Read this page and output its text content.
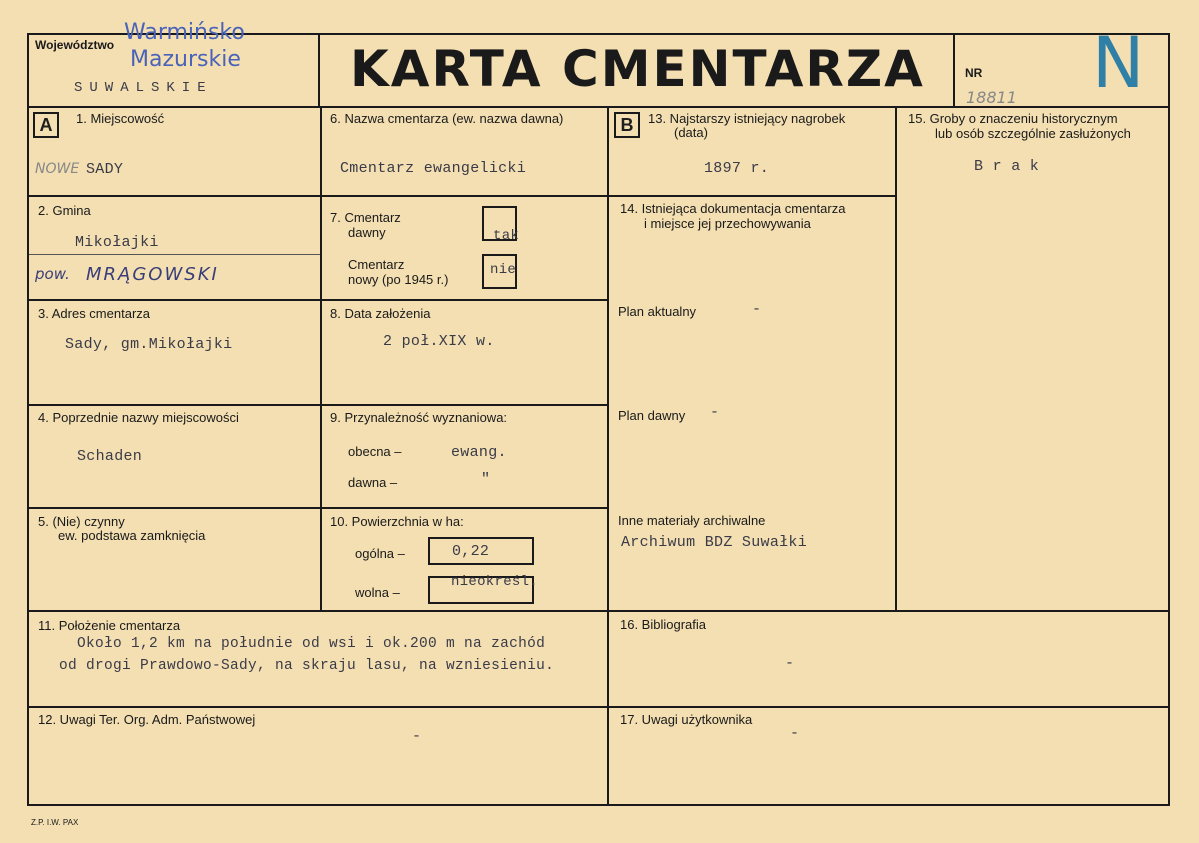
Województwo Warmińsko
Mazurskie
SUWALSKIE	KARTA CMENTARZA	NR
18811 N
A	B
1. Miejscowość
NOWE SADY
2. Gmina
Mikołajki
pow. MRĄGOWSKI
3. Adres cmentarza
Sady, gm.Mikołajki
4. Poprzednie nazwy miejscowości
Schaden
5. (Nie) czynny
ew. podstawa zamknięcia
6. Nazwa cmentarza (ew. nazwa dawna)
Cmentarz ewangelicki
7. Cmentarz
dawny	tak
Cmentarz
nowy (po 1945 r.)
nie
8. Data założenia
2 poł.XIX w.
9. Przynależność wyznaniowa:
obecna –	ewang.
dawna –	"
10. Powierzchnia w ha:
ogólna –	0,22
wolna –
nieokreśl.
11. Położenie cmentarza
Około 1,2 km na południe od wsi i ok.200 m na zachód
od drogi Prawdowo-Sady, na skraju lasu, na wzniesieniu.
12. Uwagi Ter. Org. Adm. Państwowej
-
13. Najstarszy istniejący nagrobek
(data)
1897 r.
14. Istniejąca dokumentacja cmentarza
i miejsce jej przechowywania
Plan aktualny	-
Plan dawny -
Inne materiały archiwalne
Archiwum BDZ Suwałki
15. Groby o znaczeniu historycznym
lub osób szczególnie zasłużonych
B r a k
16. Bibliografia
-
17. Uwagi użytkownika
-
Z.P. I.W. PAX
